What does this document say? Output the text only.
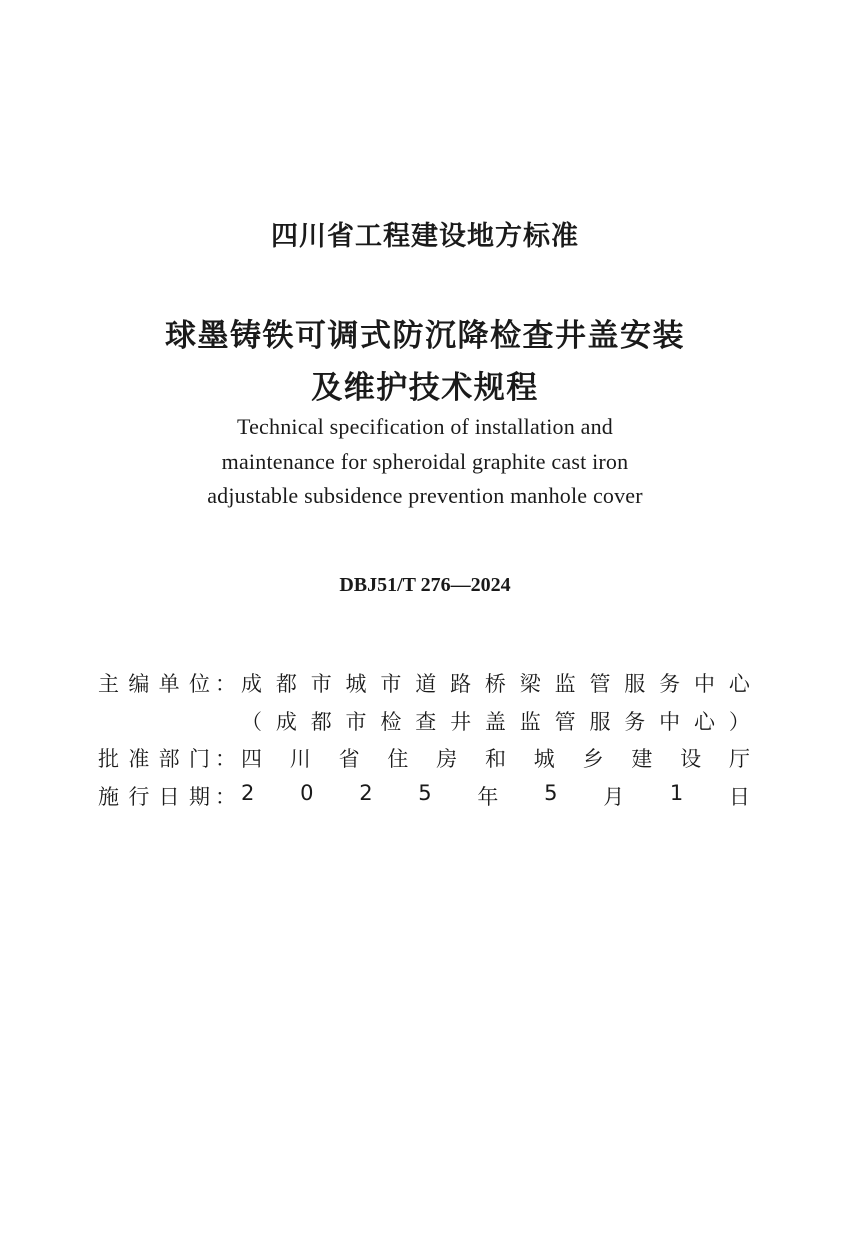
四川省工程建设地方标准
球墨铸铁可调式防沉降检查井盖安装
及维护技术规程
Technical specification of installation and
maintenance for spheroidal graphite cast iron
adjustable subsidence prevention manhole cover
DBJ51/T 276—2024
主 编 单 位 ： 成 都 市 城 市 道 路 桥 梁 监 管 服 务 中 心
（ 成 都 市 检 查 井 盖 监 管 服 务 中 心 ）
批 准 部 门 ： 四 川 省 住 房 和 城 乡 建 设 厅
施 行 日 期 ： 2 0 2 5 年 5 月 1 日
